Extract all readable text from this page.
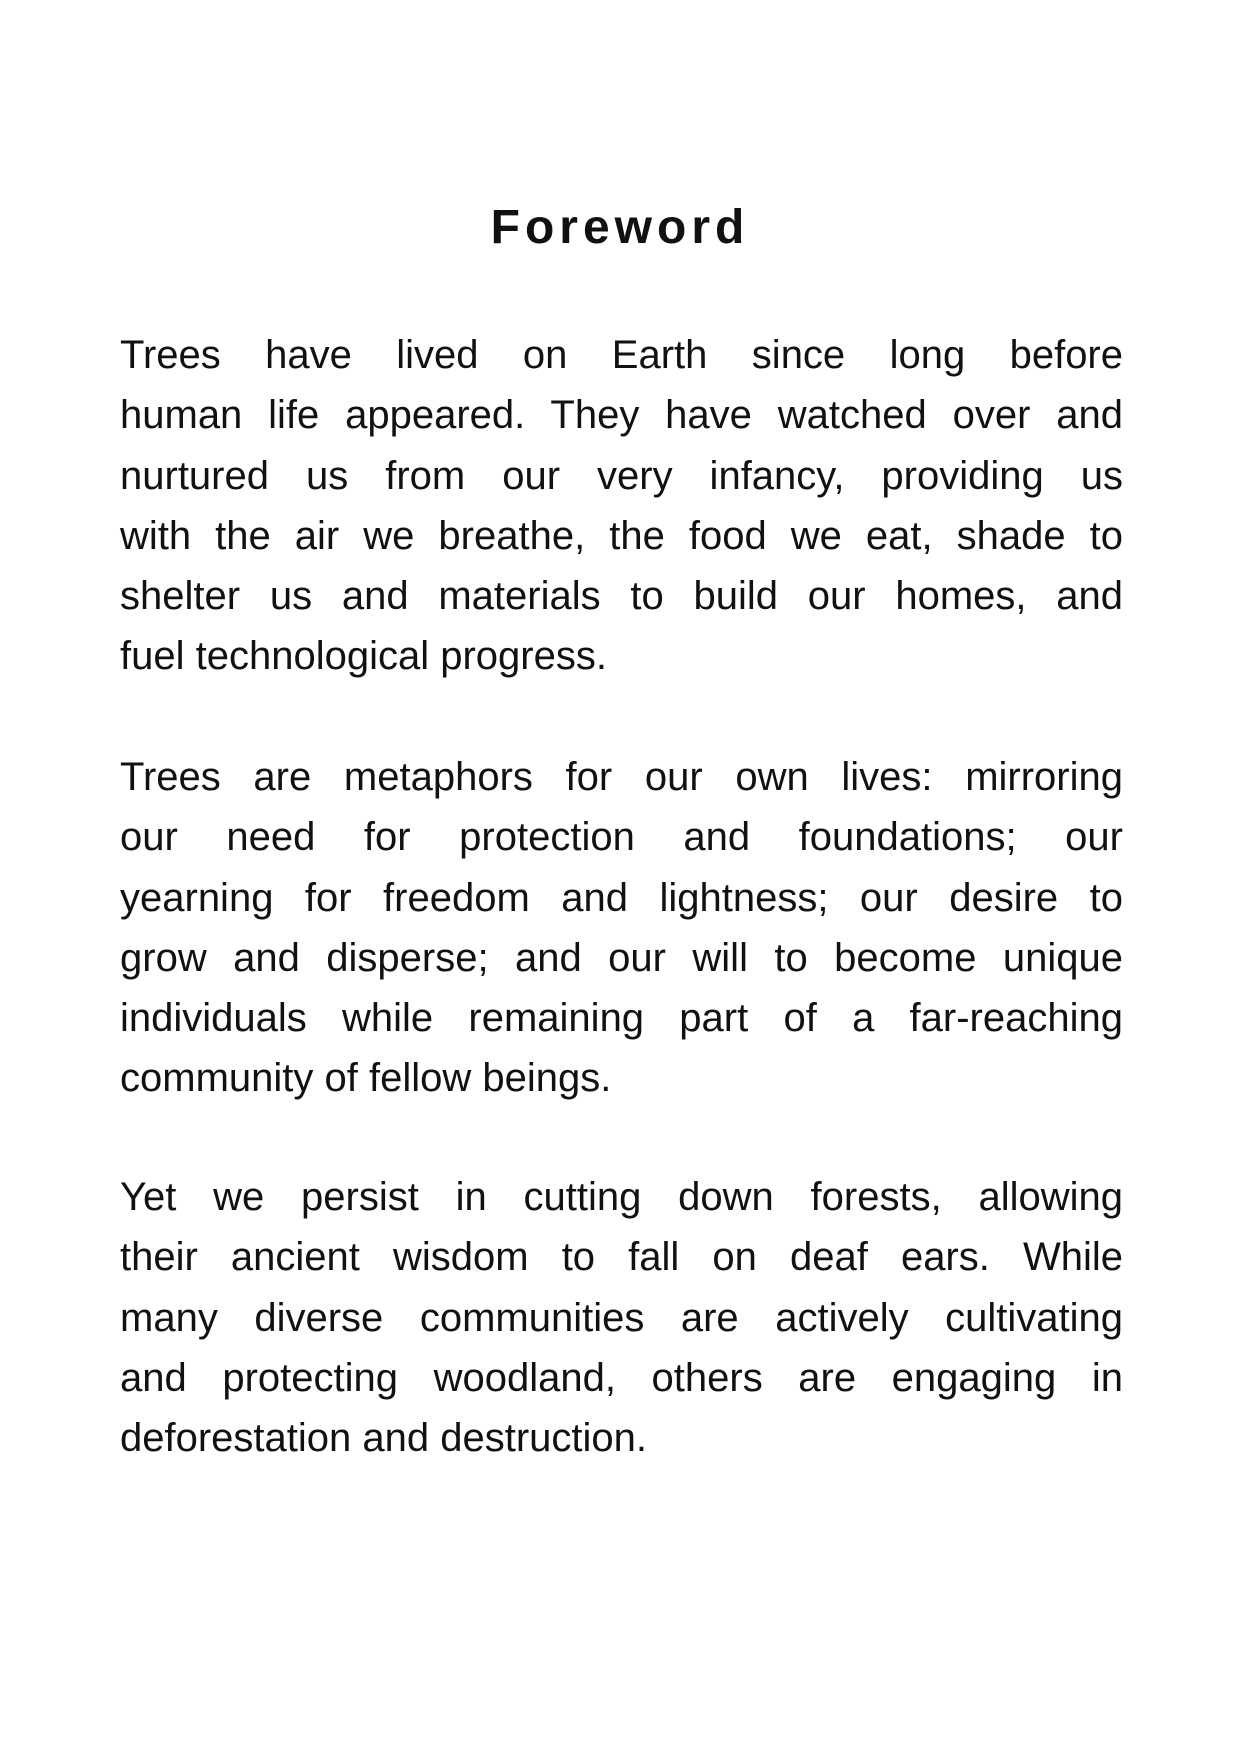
Foreword
Trees have lived on Earth since long before
human life appeared. They have watched over and
nurtured us from our very infancy, providing us
with the air we breathe, the food we eat, shade to
shelter us and materials to build our homes, and
fuel technological progress.
Trees are metaphors for our own lives: mirroring
our need for protection and foundations; our
yearning for freedom and lightness; our desire to
grow and disperse; and our will to become unique
individuals while remaining part of a far-reaching
community of fellow beings.
Yet we persist in cutting down forests, allowing
their ancient wisdom to fall on deaf ears. While
many diverse communities are actively cultivating
and protecting woodland, others are engaging in
deforestation and destruction.
